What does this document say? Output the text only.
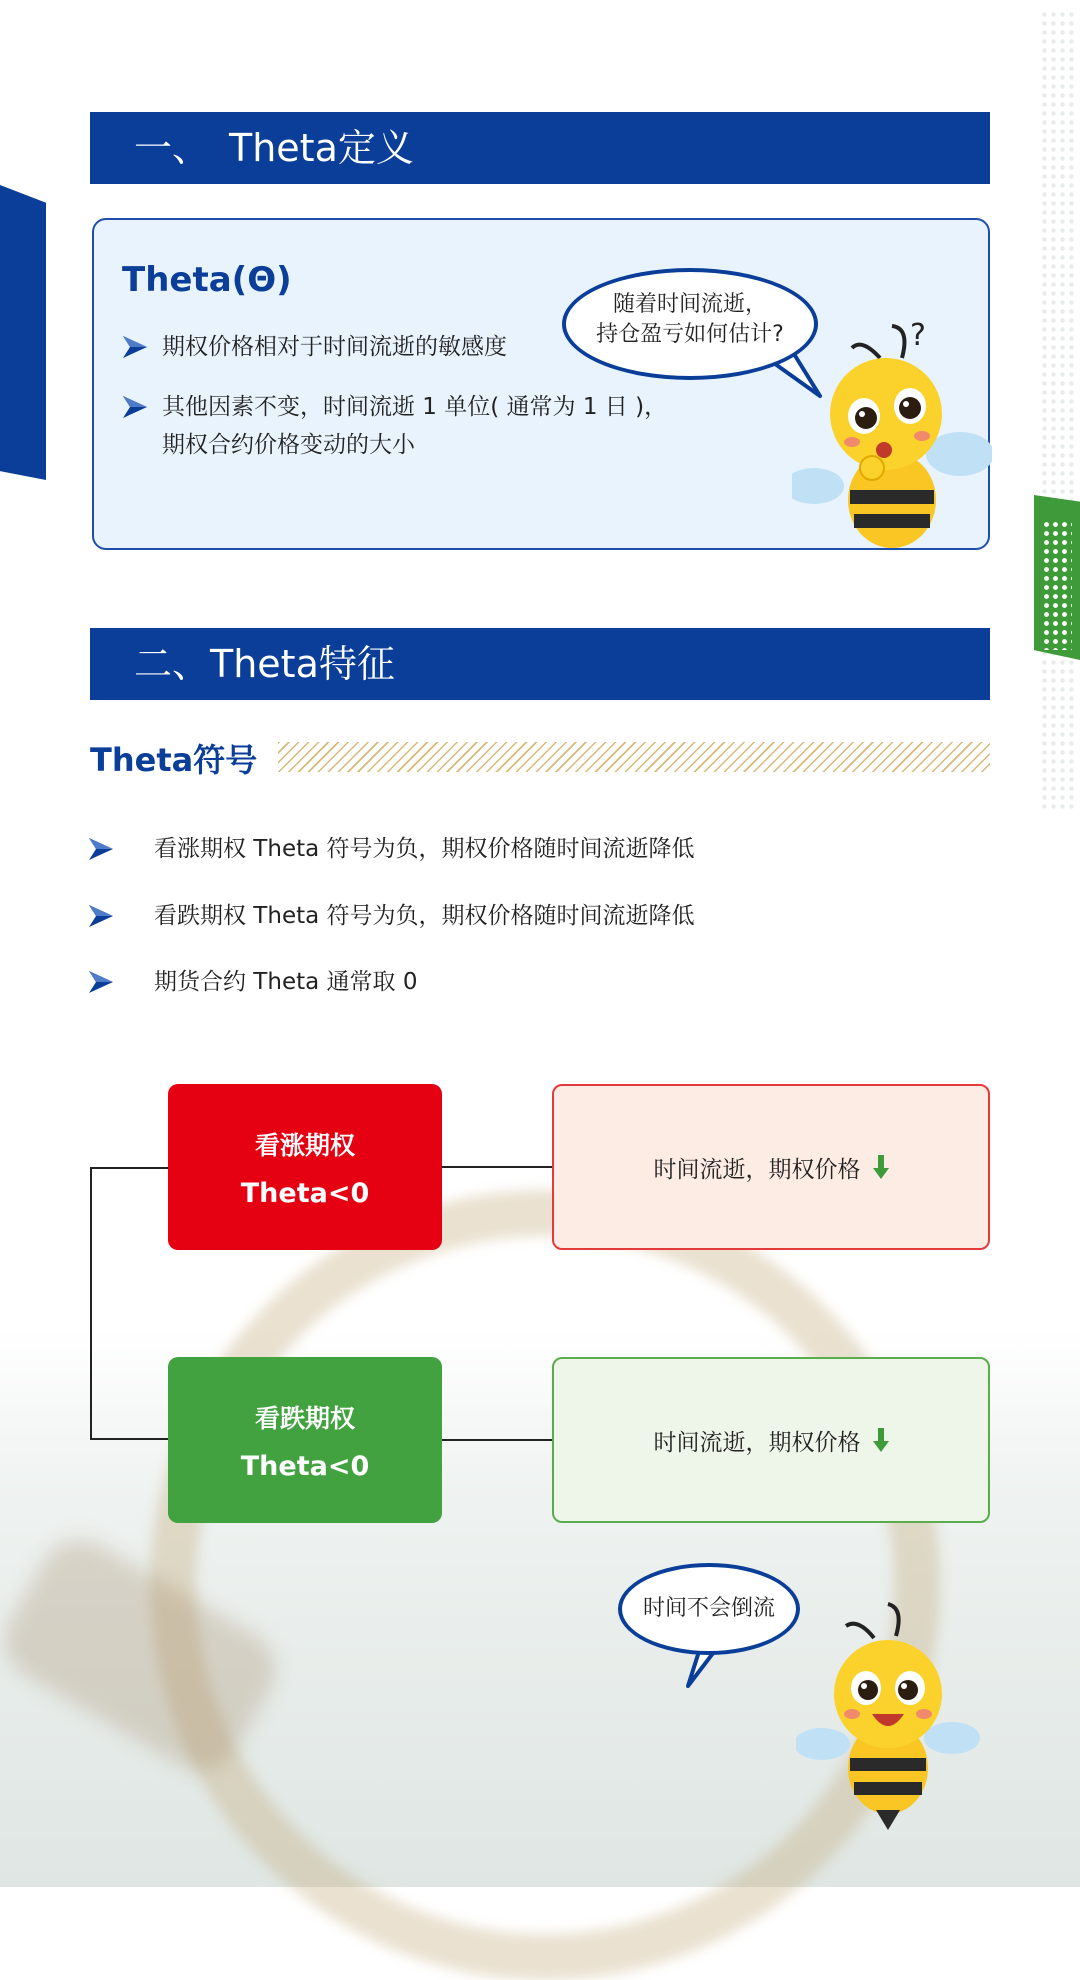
一、　Theta定义
Theta(Θ)
期权价格相对于时间流逝的敏感度
其他因素不变，时间流逝 1 单位( 通常为 1 日 )，
期权合约价格变动的大小
随着时间流逝，
持仓盈亏如何估计?	?
二、Theta特征
Theta符号
看涨期权 Theta 符号为负，期权价格随时间流逝降低
看跌期权 Theta 符号为负，期权价格随时间流逝降低
期货合约 Theta 通常取 0
看涨期权
Theta<0
时间流逝，期权价格
看跌期权
Theta<0
时间流逝，期权价格
时间不会倒流
